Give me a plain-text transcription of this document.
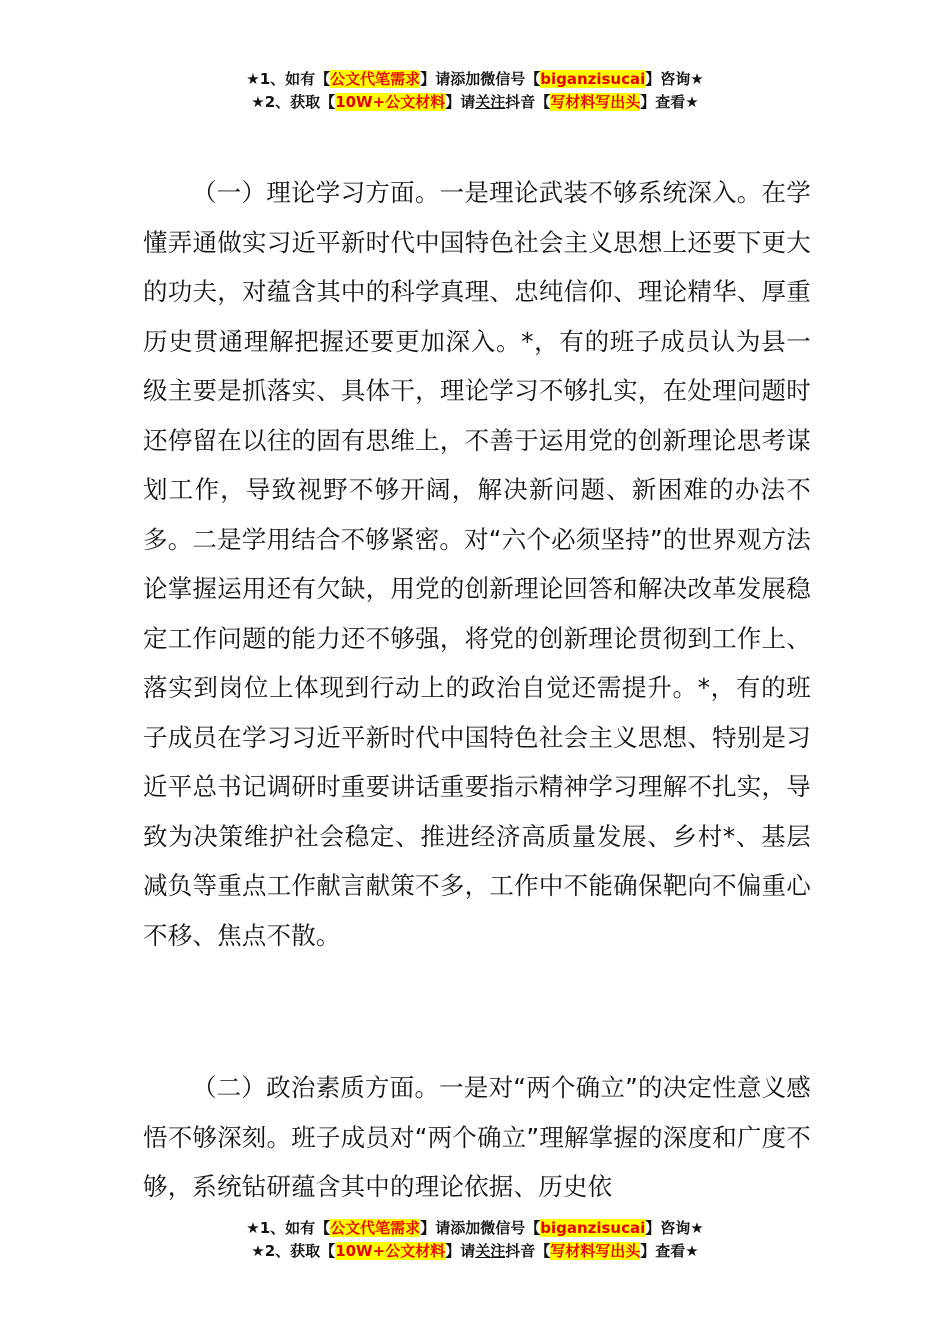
★1、如有【公文代笔需求】请添加微信号【biganzisucai】咨询★
★2、获取【10W+公文材料】请关注抖音【写材料写出头】查看★

（一）理论学习方面。一是理论武装不够系统深入。在学懂弄通做实习近平新时代中国特色社会主义思想上还要下更大的功夫，对蕴含其中的科学真理、忠纯信仰、理论精华、厚重历史贯通理解把握还要更加深入。*，有的班子成员认为县一级主要是抓落实、具体干，理论学习不够扎实，在处理问题时还停留在以往的固有思维上，不善于运用党的创新理论思考谋划工作，导致视野不够开阔，解决新问题、新困难的办法不多。二是学用结合不够紧密。对“六个必须坚持”的世界观方法论掌握运用还有欠缺，用党的创新理论回答和解决改革发展稳定工作问题的能力还不够强，将党的创新理论贯彻到工作上、落实到岗位上体现到行动上的政治自觉还需提升。*，有的班子成员在学习习近平新时代中国特色社会主义思想、特别是习近平总书记调研时重要讲话重要指示精神学习理解不扎实，导致为决策维护社会稳定、推进经济高质量发展、乡村*、基层减负等重点工作献言献策不多，工作中不能确保靶向不偏重心不移、焦点不散。

（二）政治素质方面。一是对“两个确立”的决定性意义感悟不够深刻。班子成员对“两个确立”理解掌握的深度和广度不够，系统钻研蕴含其中的理论依据、历史依

★1、如有【公文代笔需求】请添加微信号【biganzisucai】咨询★
★2、获取【10W+公文材料】请关注抖音【写材料写出头】查看★
